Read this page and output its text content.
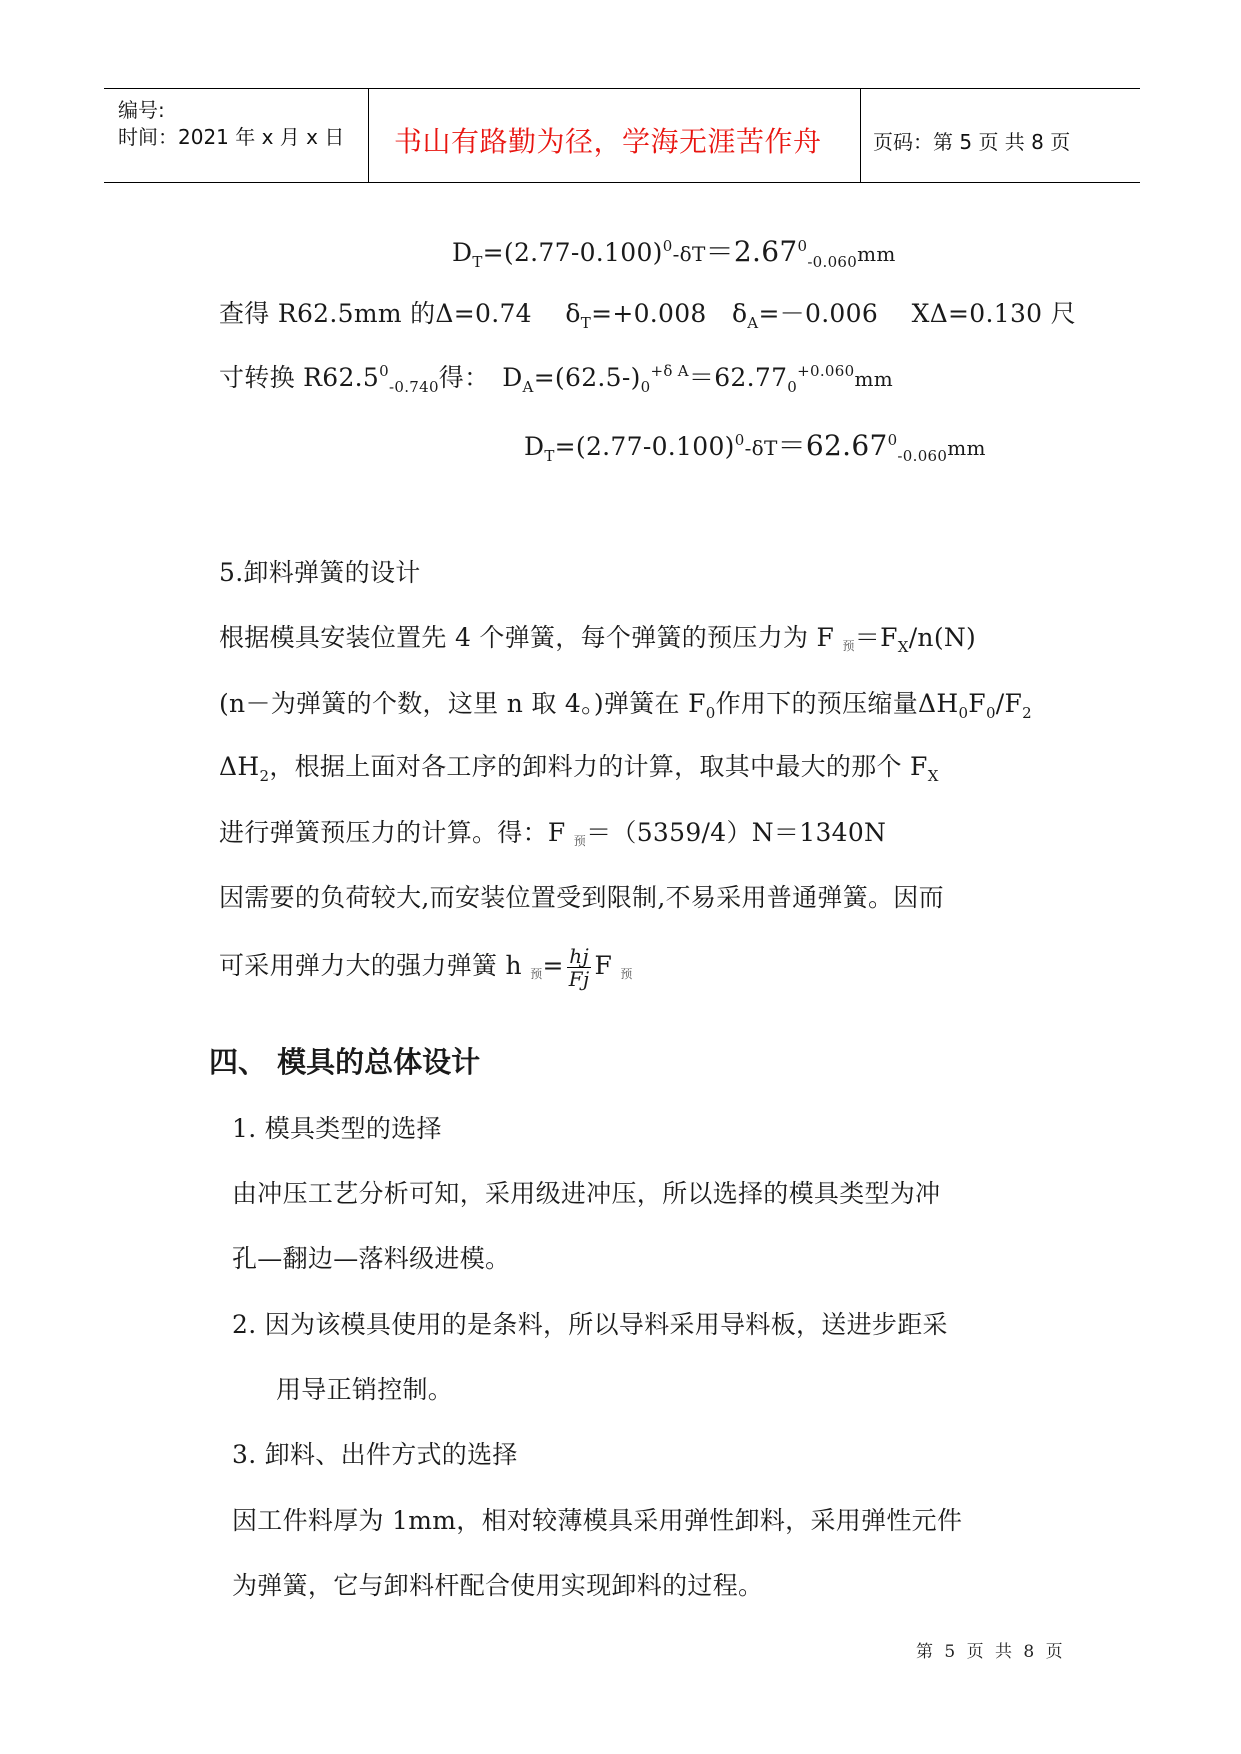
编号:
时间：2021 年 x 月 x 日 书山有路勤为径，学海无涯苦作舟	页码：第 5 页 共 8 页
$D_T=(2.77-0.100)^0-\delta T=2.67^0_{-0.060}mm$
查得 R62.5mm 的Δ=0.74　 $\delta_T=+0.008$　$\delta_A=-0.006$　 XΔ=0.130 尺
寸转换 $R62.5^0_{-0.740}$得：　$D_A=(62.5-)_0^{+\delta A}=62.77_0^{+0.060}mm$
$D_T=(2.77-0.100)^0-\delta T=62.67^0_{-0.060}mm$
5.卸料弹簧的设计
根据模具安装位置先 4 个弹簧，每个弹簧的预压力为 F 预$=F_X/n(N)$
(n－为弹簧的个数，这里 n 取 4。)弹簧在 $F_0$作用下的预压缩量$\Delta H_0F_0/F_2$
$\Delta H_2$，根据上面对各工序的卸料力的计算，取其中最大的那个 $F_X$
进行弹簧预压力的计算。得：F 预＝（5359/4）N＝1340N
因需要的负荷较大,而安装位置受到限制,不易采用普通弹簧。因而
可采用弹力大的强力弹簧 h 预= $\frac{hj}{Fj}$ F 预
四、 模具的总体设计
1. 模具类型的选择
由冲压工艺分析可知，采用级进冲压，所以选择的模具类型为冲
孔—翻边—落料级进模。
2. 因为该模具使用的是条料，所以导料采用导料板，送进步距采
用导正销控制。
3. 卸料、出件方式的选择
因工件料厚为 1mm，相对较薄模具采用弹性卸料，采用弹性元件
为弹簧，它与卸料杆配合使用实现卸料的过程。
第 5 页 共 8 页
